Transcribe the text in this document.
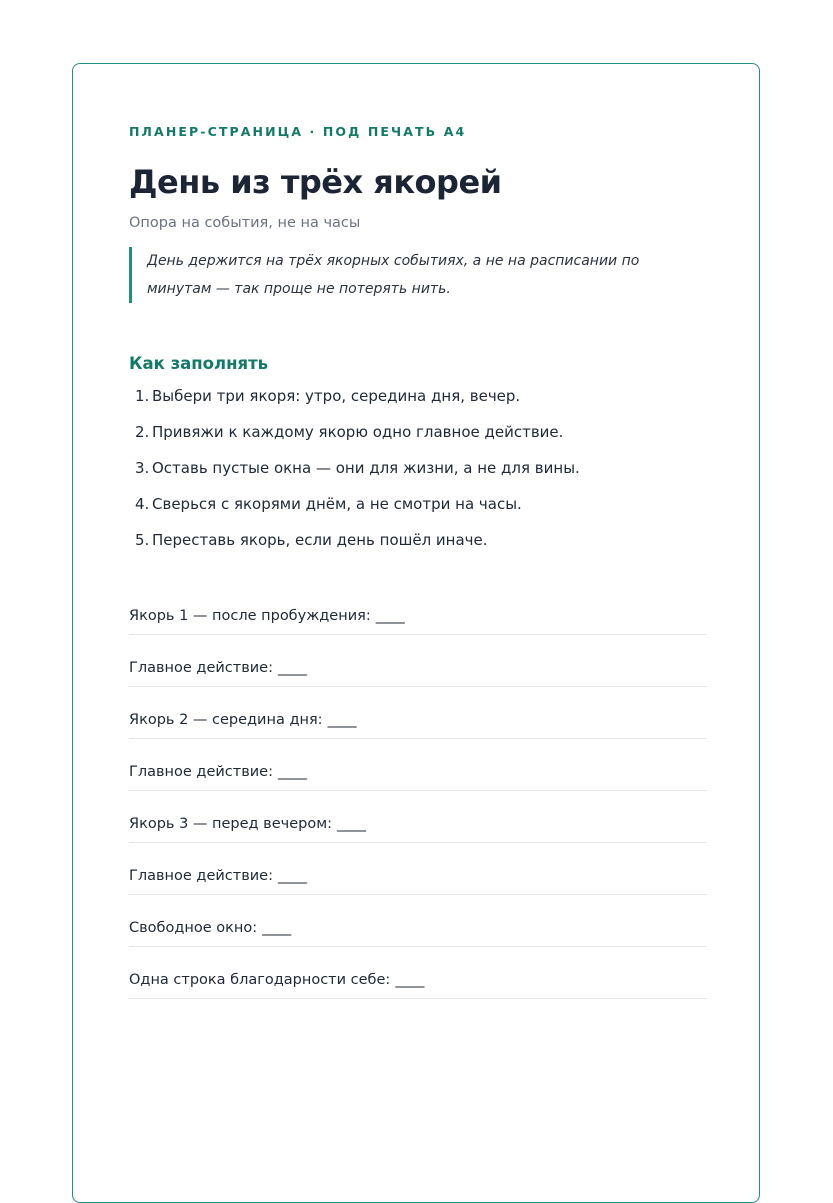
ПЛАНЕР-СТРАНИЦА · ПОД ПЕЧАТЬ A4
День из трёх якорей
Опора на события, не на часы
День держится на трёх якорных событиях, а не на расписании по минутам — так проще не потерять нить.
Как заполнять
1. Выбери три якоря: утро, середина дня, вечер.
2. Привяжи к каждому якорю одно главное действие.
3. Оставь пустые окна — они для жизни, а не для вины.
4. Сверься с якорями днём, а не смотри на часы.
5. Переставь якорь, если день пошёл иначе.
Якорь 1 — после пробуждения: ____
Главное действие: ____
Якорь 2 — середина дня: ____
Главное действие: ____
Якорь 3 — перед вечером: ____
Главное действие: ____
Свободное окно: ____
Одна строка благодарности себе: ____
